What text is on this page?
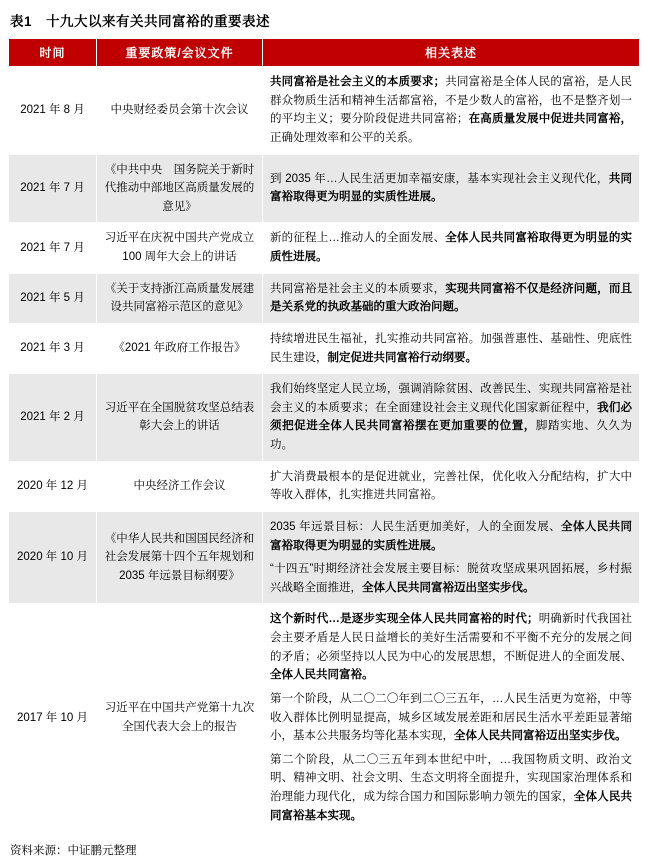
表1　十九大以来有关共同富裕的重要表述
时间	重要政策/会议文件	相关表述
2021 年 8 月	中央财经委员会第十次会议	共同富裕是社会主义的本质要求；共同富裕是全体人民的富裕，是人民群众物质生活和精神生活都富裕，不是少数人的富裕，也不是整齐划一的平均主义；要分阶段促进共同富裕；在高质量发展中促进共同富裕，正确处理效率和公平的关系。

2021 年 7 月	《中共中央　国务院关于新时代推动中部地区高质量发展的意见》	到 2035 年…人民生活更加幸福安康，基本实现社会主义现代化，共同富裕取得更为明显的实质性进展。

2021 年 7 月	习近平在庆祝中国共产党成立 100 周年大会上的讲话	新的征程上…推动人的全面发展、全体人民共同富裕取得更为明显的实质性进展。

2021 年 5 月	《关于支持浙江高质量发展建设共同富裕示范区的意见》	共同富裕是社会主义的本质要求，实现共同富裕不仅是经济问题，而且是关系党的执政基础的重大政治问题。

2021 年 3 月	《2021 年政府工作报告》	持续增进民生福祉，扎实推动共同富裕。加强普惠性、基础性、兜底性民生建设，制定促进共同富裕行动纲要。

2021 年 2 月	习近平在全国脱贫攻坚总结表彰大会上的讲话	我们始终坚定人民立场，强调消除贫困、改善民生、实现共同富裕是社会主义的本质要求；在全面建设社会主义现代化国家新征程中，我们必须把促进全体人民共同富裕摆在更加重要的位置，脚踏实地、久久为功。

2020 年 12 月	中央经济工作会议	扩大消费最根本的是促进就业，完善社保，优化收入分配结构，扩大中等收入群体，扎实推进共同富裕。

2020 年 10 月	《中华人民共和国国民经济和社会发展第十四个五年规划和2035 年远景目标纲要》	2035 年远景目标：人民生活更加美好，人的全面发展、全体人民共同富裕取得更为明显的实质性进展。

“十四五”时期经济社会发展主要目标：脱贫攻坚成果巩固拓展，乡村振兴战略全面推进，全体人民共同富裕迈出坚实步伐。

2017 年 10 月	习近平在中国共产党第十九次全国代表大会上的报告	这个新时代…是逐步实现全体人民共同富裕的时代；明确新时代我国社会主要矛盾是人民日益增长的美好生活需要和不平衡不充分的发展之间的矛盾；必须坚持以人民为中心的发展思想，不断促进人的全面发展、全体人民共同富裕。

第一个阶段，从二〇二〇年到二〇三五年，…人民生活更为宽裕，中等收入群体比例明显提高，城乡区域发展差距和居民生活水平差距显著缩小，基本公共服务均等化基本实现，全体人民共同富裕迈出坚实步伐。

第二个阶段，从二〇三五年到本世纪中叶，…我国物质文明、政治文明、精神文明、社会文明、生态文明将全面提升，实现国家治理体系和治理能力现代化，成为综合国力和国际影响力领先的国家，全体人民共同富裕基本实现。

资料来源：中证鹏元整理
